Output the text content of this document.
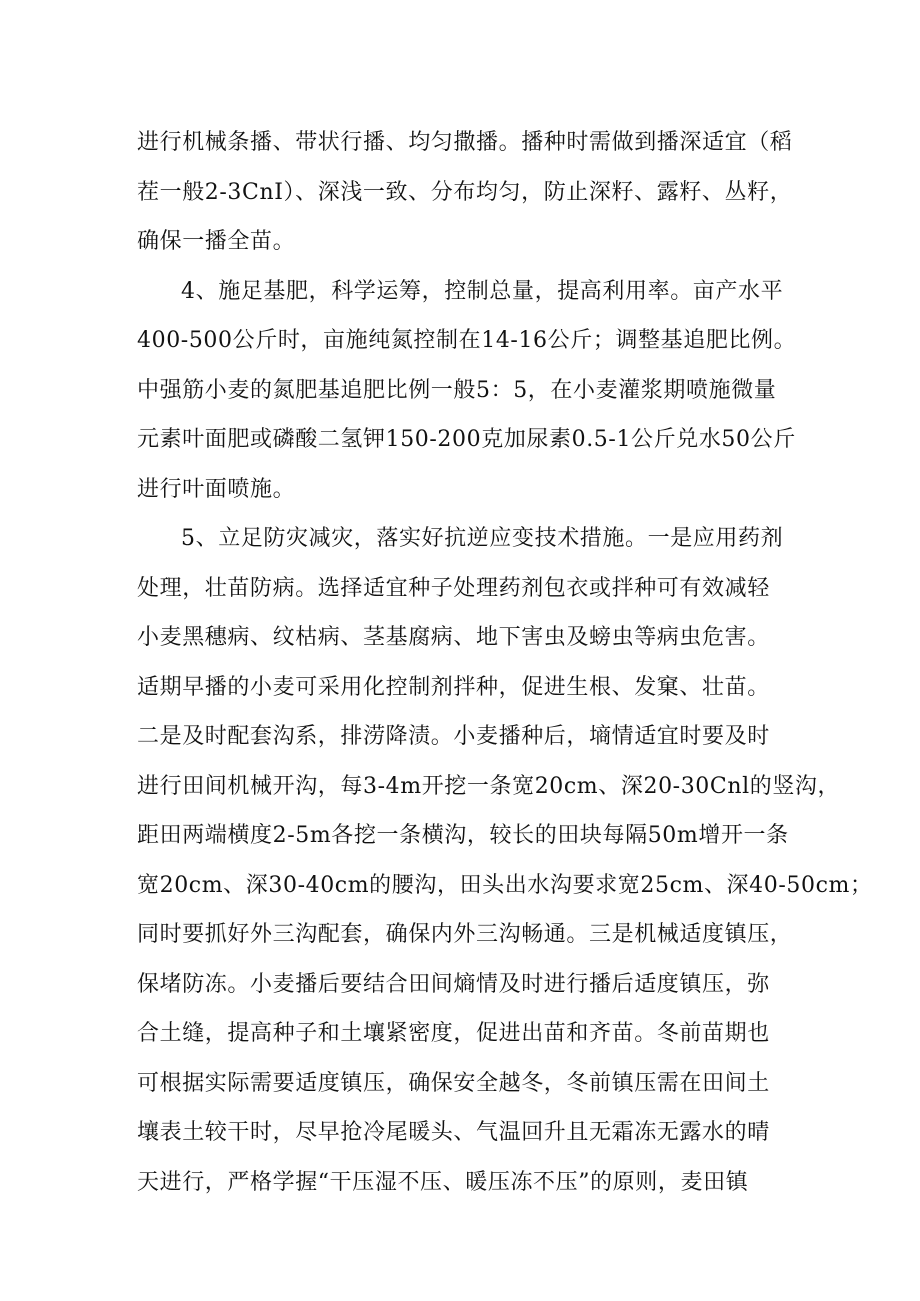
进行机械条播、带状行播、均匀撒播。播种时需做到播深适宜（稻
茬一般2-3CnI）、深浅一致、分布均匀，防止深籽、露籽、丛籽，
确保一播全苗。
4、施足基肥，科学运筹，控制总量，提高利用率。亩产水平
400-500公斤时，亩施纯氮控制在14-16公斤；调整基追肥比例。
中强筋小麦的氮肥基追肥比例一般5：5，在小麦灌浆期喷施微量
元素叶面肥或磷酸二氢钾150-200克加尿素0.5-1公斤兑水50公斤
进行叶面喷施。
5、立足防灾减灾，落实好抗逆应变技术措施。一是应用药剂
处理，壮苗防病。选择适宜种子处理药剂包衣或拌种可有效减轻
小麦黑穗病、纹枯病、茎基腐病、地下害虫及螃虫等病虫危害。
适期早播的小麦可采用化控制剂拌种，促进生根、发窠、壮苗。
二是及时配套沟系，排涝降渍。小麦播种后，墒情适宜时要及时
进行田间机械开沟，每3-4m开挖一条宽20cm、深20-30Cnl的竖沟，
距田两端横度2-5m各挖一条横沟，较长的田块每隔50m增开一条
宽20cm、深30-40cm的腰沟，田头出水沟要求宽25cm、深40-50cm；
同时要抓好外三沟配套，确保内外三沟畅通。三是机械适度镇压，
保堵防冻。小麦播后要结合田间熵情及时进行播后适度镇压，弥
合土缝，提高种子和土壤紧密度，促进出苗和齐苗。冬前苗期也
可根据实际需要适度镇压，确保安全越冬，冬前镇压需在田间土
壤表土较干时，尽早抢冷尾暖头、气温回升且无霜冻无露水的晴
天进行，严格学握“干压湿不压、暖压冻不压”的原则，麦田镇
